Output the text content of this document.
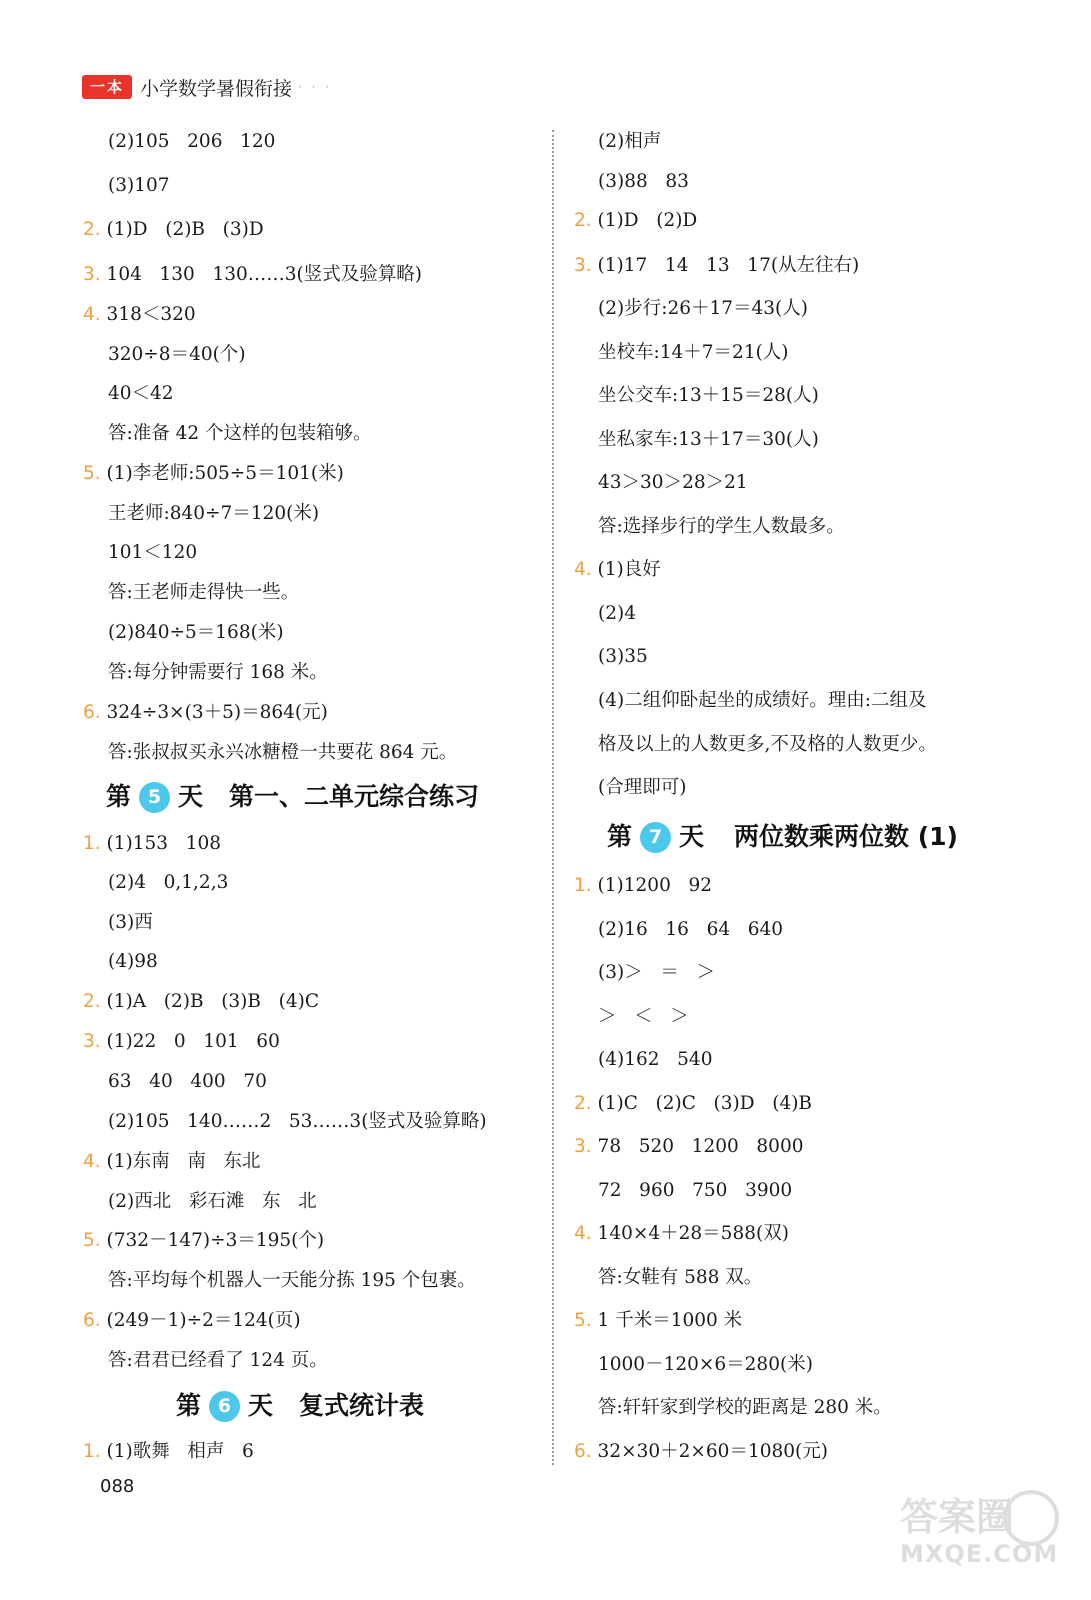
一本 小学数学暑假衔接 · · ·
(2)105   206   120
(3)107
2. (1)D   (2)B   (3)D
3. 104   130   130……3(竖式及验算略)
4. 318＜320
320÷8＝40(个)
40＜42
答:准备 42 个这样的包装箱够。
5. (1)李老师:505÷5＝101(米)
王老师:840÷7＝120(米)
101＜120
答:王老师走得快一些。
(2)840÷5＝168(米)
答:每分钟需要行 168 米。
6. 324÷3×(3＋5)＝864(元)
答:张叔叔买永兴冰糖橙一共要花 864 元。
第 5 天 第一、二单元综合练习
1. (1)153   108
(2)4   0,1,2,3
(3)西
(4)98
2. (1)A   (2)B   (3)B   (4)C
3. (1)22   0   101   60
63   40   400   70
(2)105   140……2   53……3(竖式及验算略)
4. (1)东南   南   东北
(2)西北   彩石滩   东   北
5. (732－147)÷3＝195(个)
答:平均每个机器人一天能分拣 195 个包裹。
6. (249－1)÷2＝124(页)
答:君君已经看了 124 页。
第 6 天 复式统计表
1. (1)歌舞   相声   6
(2)相声
(3)88   83
2. (1)D   (2)D
3. (1)17   14   13   17(从左往右)
(2)步行:26＋17＝43(人)
坐校车:14＋7＝21(人)
坐公交车:13＋15＝28(人)
坐私家车:13＋17＝30(人)
43＞30＞28＞21
答:选择步行的学生人数最多。
4. (1)良好
(2)4
(3)35
(4)二组仰卧起坐的成绩好。理由:二组及
格及以上的人数更多,不及格的人数更少。
(合理即可)
第 7 天 两位数乘两位数 (1)
1. (1)1200   92
(2)16   16   64   640
(3)＞   ＝   ＞
＞   ＜   ＞
(4)162   540
2. (1)C   (2)C   (3)D   (4)B
3. 78   520   1200   8000
72   960   750   3900
4. 140×4＋28＝588(双)
答:女鞋有 588 双。
5. 1 千米＝1000 米
1000－120×6＝280(米)
答:轩轩家到学校的距离是 280 米。
6. 32×30＋2×60＝1080(元)
088
答案圈
MXQE.COM
